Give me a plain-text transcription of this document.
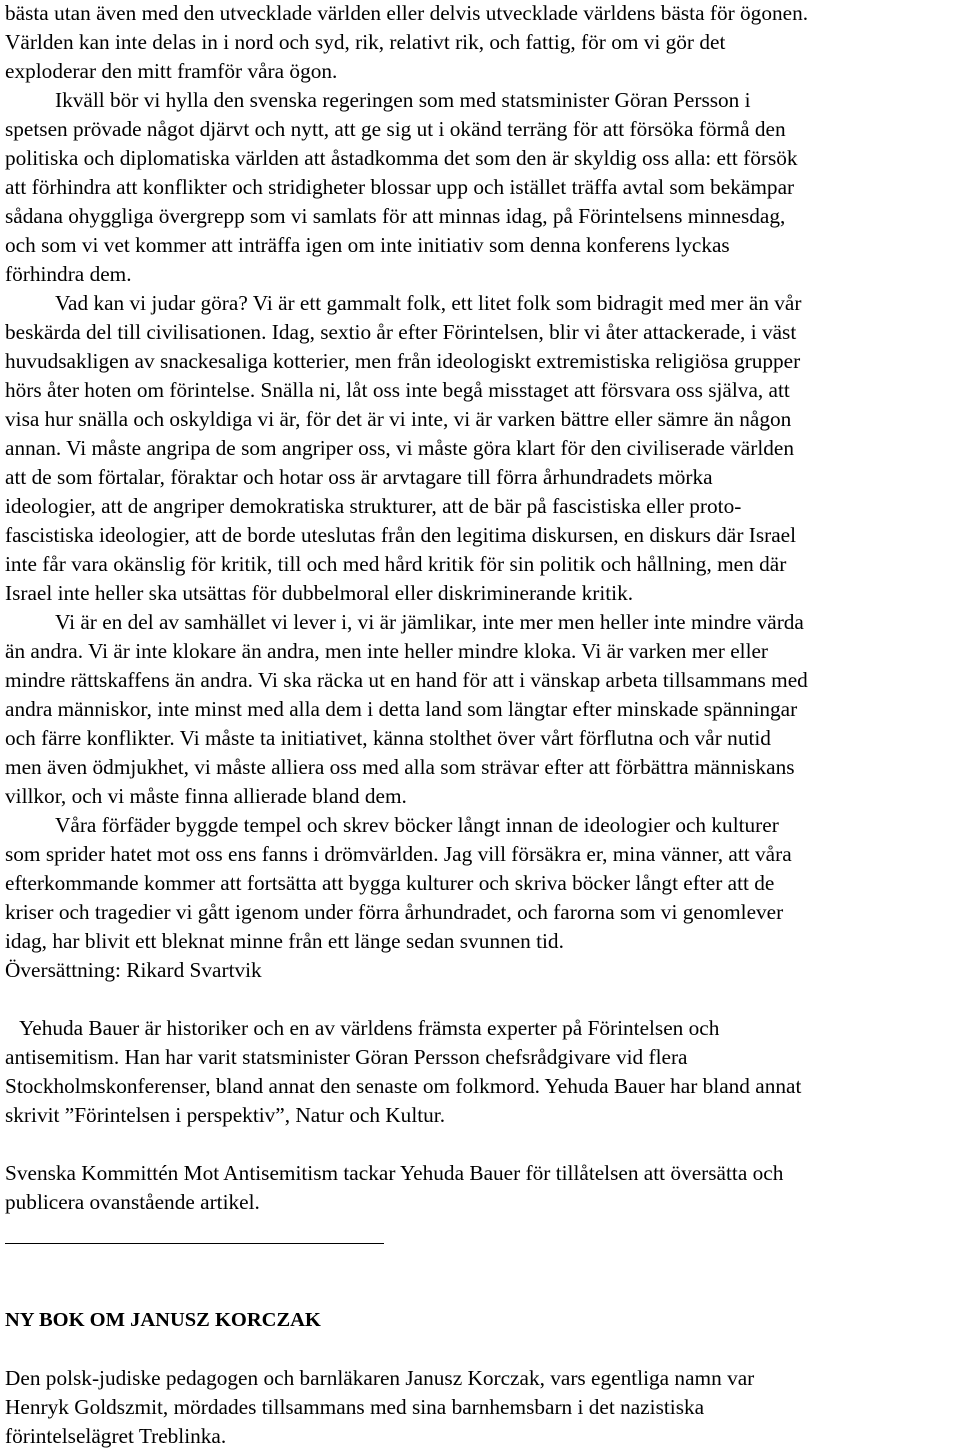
bästa utan även med den utvecklade världen eller delvis utvecklade världens bästa för ögonen.
Världen kan inte delas in i nord och syd, rik, relativt rik, och fattig, för om vi gör det
exploderar den mitt framför våra ögon.
Ikväll bör vi hylla den svenska regeringen som med statsminister Göran Persson i
spetsen prövade något djärvt och nytt, att ge sig ut i okänd terräng för att försöka förmå den
politiska och diplomatiska världen att åstadkomma det som den är skyldig oss alla: ett försök
att förhindra att konflikter och stridigheter blossar upp och istället träffa avtal som bekämpar
sådana ohyggliga övergrepp som vi samlats för att minnas idag, på Förintelsens minnesdag,
och som vi vet kommer att inträffa igen om inte initiativ som denna konferens lyckas
förhindra dem.
Vad kan vi judar göra? Vi är ett gammalt folk, ett litet folk som bidragit med mer än vår
beskärda del till civilisationen. Idag, sextio år efter Förintelsen, blir vi åter attackerade, i väst
huvudsakligen av snackesaliga kotterier, men från ideologiskt extremistiska religiösa grupper
hörs åter hoten om förintelse. Snälla ni, låt oss inte begå misstaget att försvara oss själva, att
visa hur snälla och oskyldiga vi är, för det är vi inte, vi är varken bättre eller sämre än någon
annan. Vi måste angripa de som angriper oss, vi måste göra klart för den civiliserade världen
att de som förtalar, föraktar och hotar oss är arvtagare till förra århundradets mörka
ideologier, att de angriper demokratiska strukturer, att de bär på fascistiska eller proto-
fascistiska ideologier, att de borde uteslutas från den legitima diskursen, en diskurs där Israel
inte får vara okänslig för kritik, till och med hård kritik för sin politik och hållning, men där
Israel inte heller ska utsättas för dubbelmoral eller diskriminerande kritik.
Vi är en del av samhället vi lever i, vi är jämlikar, inte mer men heller inte mindre värda
än andra. Vi är inte klokare än andra, men inte heller mindre kloka. Vi är varken mer eller
mindre rättskaffens än andra. Vi ska räcka ut en hand för att i vänskap arbeta tillsammans med
andra människor, inte minst med alla dem i detta land som längtar efter minskade spänningar
och färre konflikter. Vi måste ta initiativet, känna stolthet över vårt förflutna och vår nutid
men även ödmjukhet, vi måste alliera oss med alla som strävar efter att förbättra människans
villkor, och vi måste finna allierade bland dem.
Våra förfäder byggde tempel och skrev böcker långt innan de ideologier och kulturer
som sprider hatet mot oss ens fanns i drömvärlden. Jag vill försäkra er, mina vänner, att våra
efterkommande kommer att fortsätta att bygga kulturer och skriva böcker långt efter att de
kriser och tragedier vi gått igenom under förra århundradet, och farorna som vi genomlever
idag, har blivit ett bleknat minne från ett länge sedan svunnen tid.
Översättning: Rikard Svartvik
Yehuda Bauer är historiker och en av världens främsta experter på Förintelsen och
antisemitism. Han har varit statsminister Göran Persson chefsrådgivare vid flera
Stockholmskonferenser, bland annat den senaste om folkmord. Yehuda Bauer har bland annat
skrivit ”Förintelsen i perspektiv”, Natur och Kultur.
Svenska Kommittén Mot Antisemitism tackar Yehuda Bauer för tillåtelsen att översätta och
publicera ovanstående artikel.
NY BOK OM JANUSZ KORCZAK
Den polsk-judiske pedagogen och barnläkaren Janusz Korczak, vars egentliga namn var
Henryk Goldszmit, mördades tillsammans med sina barnhemsbarn i det nazistiska
förintelselägret Treblinka.
